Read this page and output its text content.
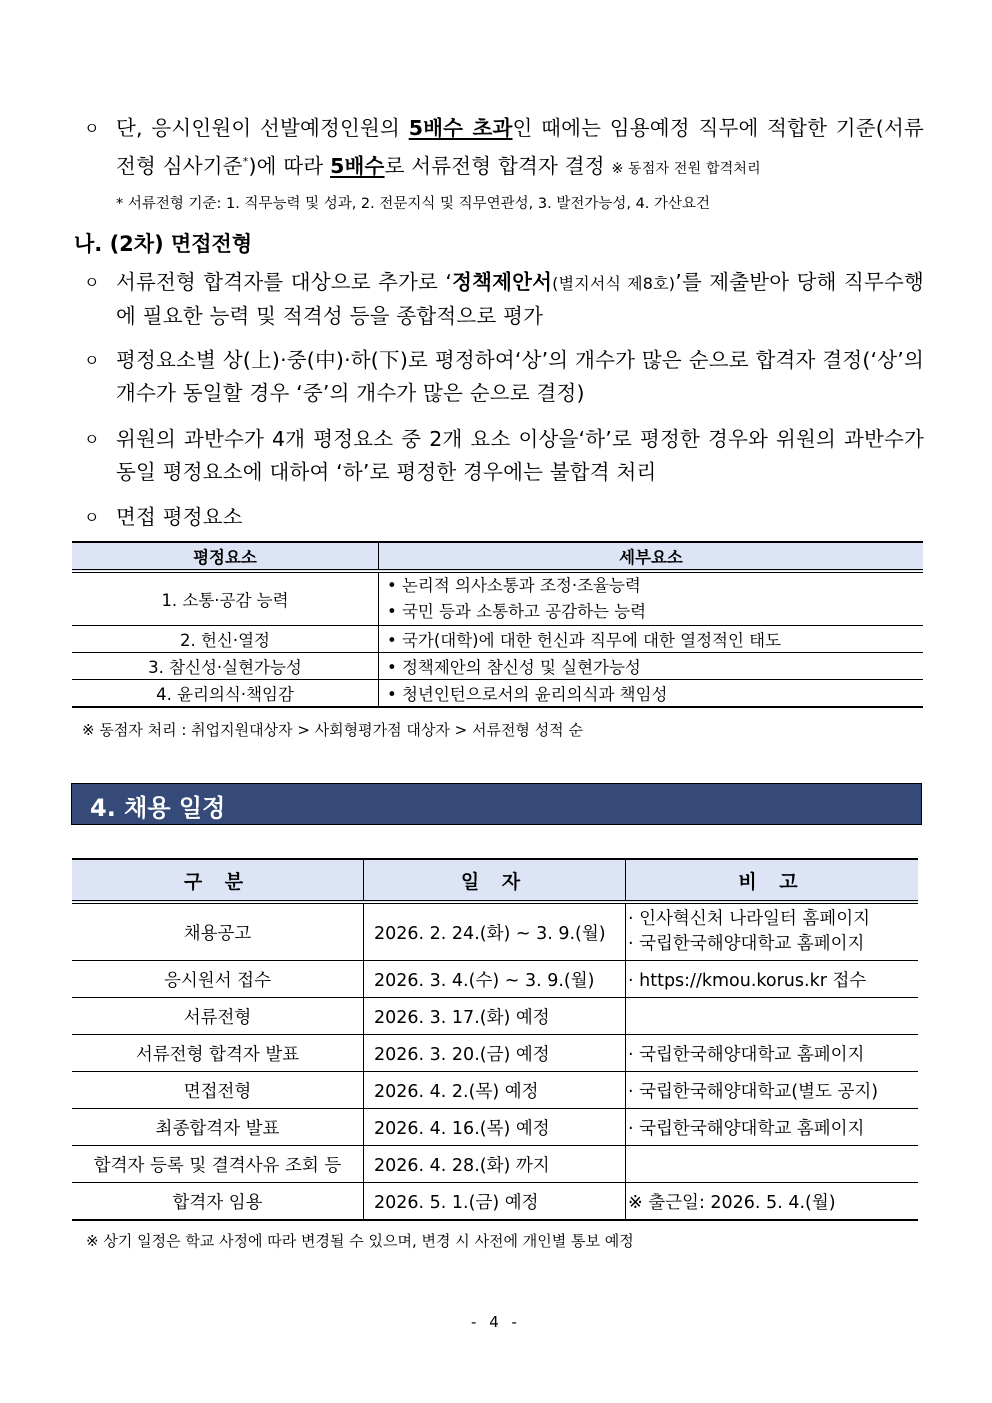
ㅇ 단, 응시인원이 선발예정인원의 5배수 초과인 때에는 임용예정 직무에 적합한 기준(서류전형 심사기준*)에 따라 5배수로 서류전형 합격자 결정 ※ 동점자 전원 합격처리
* 서류전형 기준: 1. 직무능력 및 성과, 2. 전문지식 및 직무연관성, 3. 발전가능성, 4. 가산요건
나. (2차) 면접전형
ㅇ 서류전형 합격자를 대상으로 추가로 ‘정책제안서(별지서식 제8호)’를 제출받아 당해 직무수행에 필요한 능력 및 적격성 등을 종합적으로 평가
ㅇ 평정요소별 상(上)·중(中)·하(下)로 평정하여‘상’의 개수가 많은 순으로 합격자 결정(‘상’의 개수가 동일할 경우 ‘중’의 개수가 많은 순으로 결정)
ㅇ 위원의 과반수가 4개 평정요소 중 2개 요소 이상을‘하’로 평정한 경우와 위원의 과반수가 동일 평정요소에 대하여 ‘하’로 평정한 경우에는 불합격 처리
ㅇ 면접 평정요소
평정요소	세부요소
1. 소통·공감 능력	• 논리적 의사소통과 조정·조율능력
• 국민 등과 소통하고 공감하는 능력

2. 헌신·열정	• 국가(대학)에 대한 헌신과 직무에 대한 열정적인 태도
3. 참신성·실현가능성	• 정책제안의 참신성 및 실현가능성
4. 윤리의식·책임감	• 청년인턴으로서의 윤리의식과 책임성
※ 동점자 처리 : 취업지원대상자 > 사회형평가점 대상자 > 서류전형 성적 순
4. 채용 일정
구 분	일 자	비 고
채용공고	2026. 2. 24.(화) ~ 3. 9.(월)	· 인사혁신처 나라일터 홈페이지
· 국립한국해양대학교 홈페이지

응시원서 접수	2026. 3. 4.(수) ~ 3. 9.(월)	· https://kmou.korus.kr 접수
서류전형	2026. 3. 17.(화) 예정	
서류전형 합격자 발표	2026. 3. 20.(금) 예정	· 국립한국해양대학교 홈페이지
면접전형	2026. 4. 2.(목) 예정	· 국립한국해양대학교(별도 공지)
최종합격자 발표	2026. 4. 16.(목) 예정	· 국립한국해양대학교 홈페이지
합격자 등록 및 결격사유 조회 등	2026. 4. 28.(화) 까지	
합격자 임용	2026. 5. 1.(금) 예정	※ 출근일: 2026. 5. 4.(월)
※ 상기 일정은 학교 사정에 따라 변경될 수 있으며, 변경 시 사전에 개인별 통보 예정
- 4 -
